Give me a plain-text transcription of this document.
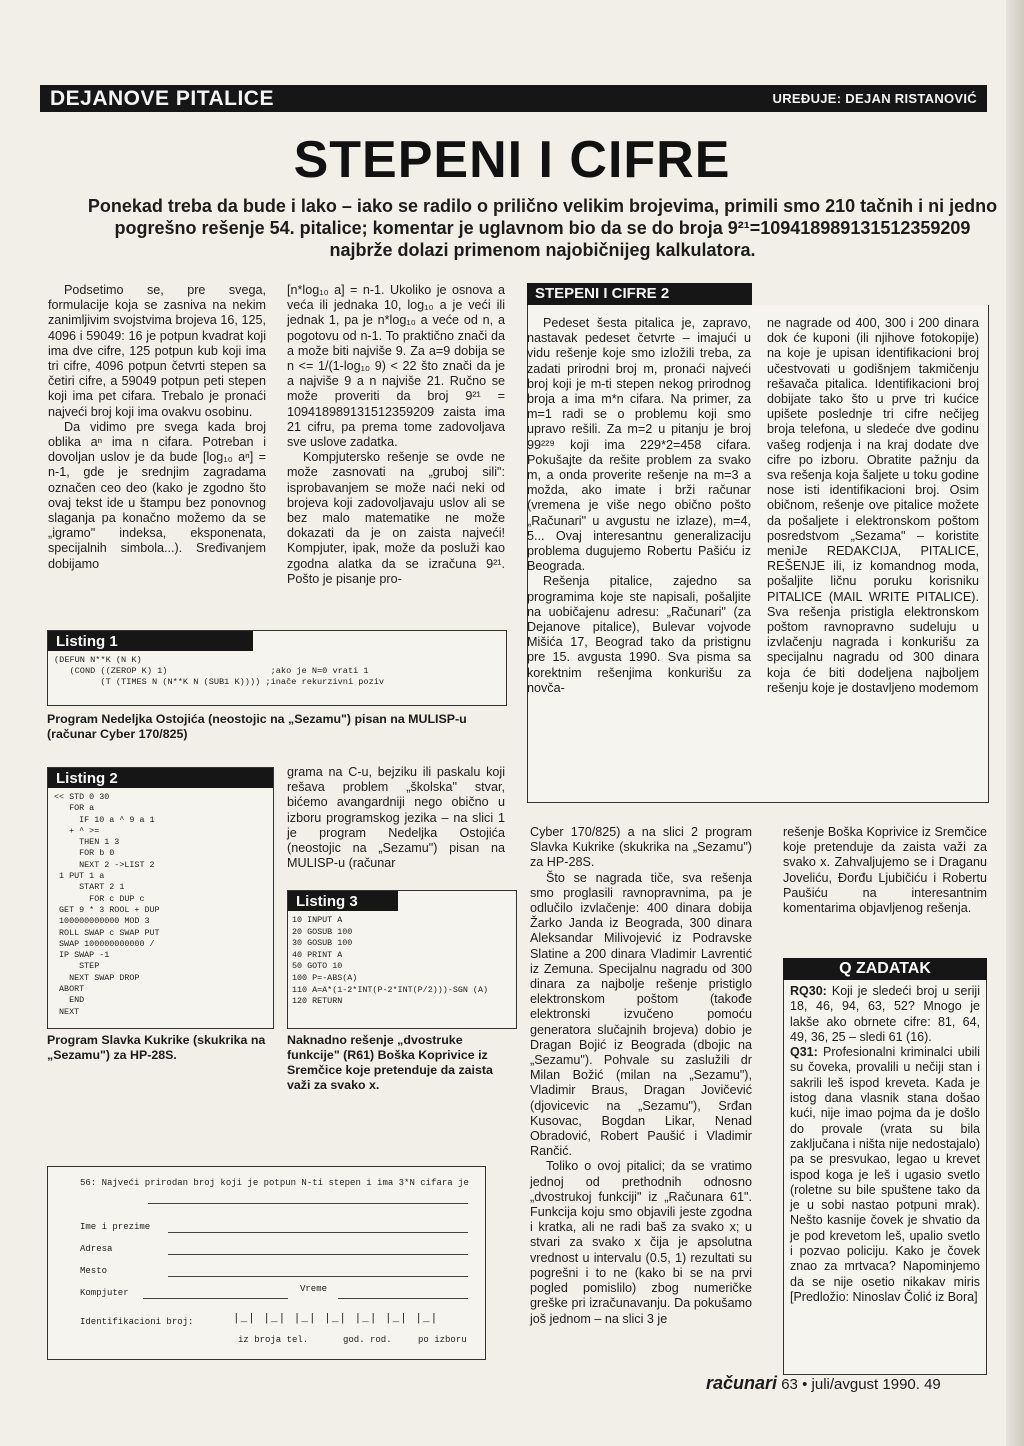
DEJANOVE PITALICE	UREĐUJE: DEJAN RISTANOVIĆ
STEPENI I CIFRE
Ponekad treba da bude i lako – iako se radilo o prilično velikim brojevima, primili smo 210 tačnih i ni jedno pogrešno rešenje 54. pitalice; komentar je uglavnom bio da se do broja 9²¹=109418989131512359209 najbrže dolazi primenom najobičnijeg kalkulatora.

Podsetimo se, pre svega, formulacije koja se zasniva na nekim zanimljivim svojstvima brojeva 16, 125, 4096 i 59049: 16 je potpun kvadrat koji ima dve cifre, 125 potpun kub koji ima tri cifre, 4096 potpun četvrti stepen sa četiri cifre, a 59049 potpun peti stepen koji ima pet cifara. Trebalo je pronaći najveći broj koji ima ovakvu osobinu.

Da vidimo pre svega kada broj oblika aⁿ ima n cifara. Potreban i dovoljan uslov je da bude [log₁₀ aⁿ] = n-1, gde je srednjim zagradama označen ceo deo (kako je zgodno što ovaj tekst ide u štampu bez ponovnog slaganja pa konačno možemo da se „igramo" indeksa, eksponenata, specijalnih simbola...). Sređivanjem dobijamo

[n*log₁₀ a] = n-1. Ukoliko je osnova a veća ili jednaka 10, log₁₀ a je veći ili jednak 1, pa je n*log₁₀ a veće od n, a pogotovu od n-1. To praktično znači da a može biti najviše 9. Za a=9 dobija se n <= 1/(1-log₁₀ 9) < 22 što znači da je a najviše 9 a n najviše 21. Ručno se može proveriti da broj 9²¹ = 109418989131512359209 zaista ima 21 cifru, pa prema tome zadovoljava sve uslove zadatka.

Kompjutersko rešenje se ovde ne može zasnovati na „gruboj sili": isprobavanjem se može naći neki od brojeva koji zadovoljavaju uslov ali se bez malo matematike ne može dokazati da je on zaista najveći! Kompjuter, ipak, može da posluži kao zgodna alatka da se izračuna 9²¹. Pošto je pisanje pro-

Listing 1
(DEFUN N**K (N K)
(COND ((ZEROP K) 1)                    ;ako je N=0 vrati 1
(T (TIMES N (N**K N (SUB1 K)))) ;inače rekurzivni poziv
Program Nedeljka Ostojića (neostojic na „Sezamu") pisan na MULISP-u (računar Cyber 170/825)
Listing 2
<< STD 0 30
FOR a
IF 10 a ^ 9 a 1
+ ^ >=
THEN 1 3
FOR b 0
NEXT 2 ->LIST 2
1 PUT 1 a
START 2 1
FOR c DUP c
GET 9 * 3 ROOL + DUP
100000000000 MOD 3
ROLL SWAP c SWAP PUT
SWAP 100000000000 /
IP SWAP -1
STEP
NEXT SWAP DROP
ABORT
END
NEXT
Program Slavka Kukrike (skukrika na „Sezamu") za HP-28S.

grama na C-u, bejziku ili paskalu koji rešava problem „školska" stvar, bićemo avangardniji nego obično u izboru programskog jezika – na slici 1 je program Nedeljka Ostojića (neostojic na „Sezamu") pisan na MULISP-u (računar

Listing 3
10 INPUT A
20 GOSUB 100
30 GOSUB 100
40 PRINT A
50 GOTO 10
100 P=-ABS(A)
110 A=A*(1-2*INT(P-2*INT(P/2)))-SGN (A)
120 RETURN
Naknadno rešenje „dvostruke funkcije" (R61) Boška Koprivice iz Sremčice koje pretenduje da zaista važi za svako x.
STEPENI I CIFRE 2

Pedeset šesta pitalica je, zapravo, nastavak pedeset četvrte – imajući u vidu rešenje koje smo izložili treba, za zadati prirodni broj m, pronaći najveći broj koji je m-ti stepen nekog prirodnog broja a ima m*n cifara. Na primer, za m=1 radi se o problemu koji smo upravo rešili. Za m=2 u pitanju je broj 99²²⁹ koji ima 229*2=458 cifara. Pokušajte da rešite problem za svako m, a onda proverite rešenje na m=3 a možda, ako imate i brži računar (vremena je više nego obično pošto „Računari" u avgustu ne izlaze), m=4, 5... Ovaj interesantnu generalizaciju problema dugujemo Robertu Pašiću iz Beograda.

Rešenja pitalice, zajedno sa programima koje ste napisali, pošaljite na uobičajenu adresu: „Računari" (za Dejanove pitalice), Bulevar vojvode Mišića 17, Beograd tako da pristignu pre 15. avgusta 1990. Sva pisma sa korektnim rešenjima konkurišu za novča-

ne nagrade od 400, 300 i 200 dinara dok će kuponi (ili njihove fotokopije) na koje je upisan identifikacioni broj učestvovati u godišnjem takmičenju rešavača pitalica. Identifikacioni broj dobijate tako što u prve tri kućice upišete poslednje tri cifre nečijeg broja telefona, u sledeće dve godinu vašeg rodjenja i na kraj dodate dve cifre po izboru. Obratite pažnju da sva rešenja koja šaljete u toku godine nose isti identifikacioni broj. Osim običnom, rešenje ove pitalice možete da pošaljete i elektronskom poštom posredstvom „Sezama" – koristite meniJe REDAKCIJA, PITALICE, REŠENJE ili, iz komandnog moda, pošaljite ličnu poruku korisniku PITALICE (MAIL WRITE PITALICE). Sva rešenja pristigla elektronskom poštom ravnopravno sudeluju u izvlačenju nagrada i konkurišu za specijalnu nagradu od 300 dinara koja će biti dodeljena najboljem rešenju koje je dostavljeno modemom

Cyber 170/825) a na slici 2 program Slavka Kukrike (skukrika na „Sezamu") za HP-28S.

Što se nagrada tiče, sva rešenja smo proglasili ravnopravnima, pa je odlučilo izvlačenje: 400 dinara dobija Žarko Janda iz Beograda, 300 dinara Aleksandar Milivojević iz Podravske Slatine a 200 dinara Vladimir Lavrentić iz Zemuna. Specijalnu nagradu od 300 dinara za najbolje rešenje pristiglo elektronskom poštom (takođe elektronski izvučeno pomoću generatora slučajnih brojeva) dobio je Dragan Bojić iz Beograda (dbojic na „Sezamu"). Pohvale su zaslužili dr Milan Božić (milan na „Sezamu"), Vladimir Braus, Dragan Jovičević (djovicevic na „Sezamu"), Srđan Kusovac, Bogdan Likar, Nenad Obradović, Robert Paušić i Vladimir Rančić.

Toliko o ovoj pitalici; da se vratimo jednoj od prethodnih odnosno „dvostrukoj funkciji" iz „Računara 61". Funkcija koju smo objavili jeste zgodna i kratka, ali ne radi baš za svako x; u stvari za svako x čija je apsolutna vrednost u intervalu (0.5, 1) rezultati su pogrešni i to ne (kako bi se na prvi pogled pomislilo) zbog numeričke greške pri izračunavanju. Da pokušamo još jednom – na slici 3 je

rešenje Boška Koprivice iz Sremčice koje pretenduje da zaista važi za svako x. Zahvaljujemo se i Draganu Joveliću, Đorđu Ljubičiću i Robertu Paušiću na interesantnim komentarima objavljenog rešenja.

Q ZADATAK

RQ30: Koji je sledeći broj u seriji 18, 46, 94, 63, 52? Mnogo je lakše ako obrnete cifre: 81, 64, 49, 36, 25 – sledi 61 (16).

Q31: Profesionalni kriminalci ubili su čoveka, provalili u nečiji stan i sakrili leš ispod kreveta. Kada je istog dana vlasnik stana došao kući, nije imao pojma da je došlo do provale (vrata su bila zaključana i ništa nije nedostajalo) pa se presvukao, legao u krevet ispod koga je leš i ugasio svetlo (roletne su bile spuštene tako da je u sobi nastao potpuni mrak). Nešto kasnije čovek je shvatio da je pod krevetom leš, upalio svetlo i pozvao policiju. Kako je čovek znao za mrtvaca? Napominjemo da se nije osetio nikakav miris [Predložio: Ninoslav Čolić iz Bora]

56: Najveći prirodan broj koji je potpun N-ti stepen i ima 3*N cifara je
Ime i prezime
Adresa
Mesto
Kompjuter	Vreme
Identifikacioni broj:	|_| |_| |_| |_| |_| |_| |_|
iz broja tel.	god. rod.	po izboru
računari 63 • juli/avgust 1990. 49
